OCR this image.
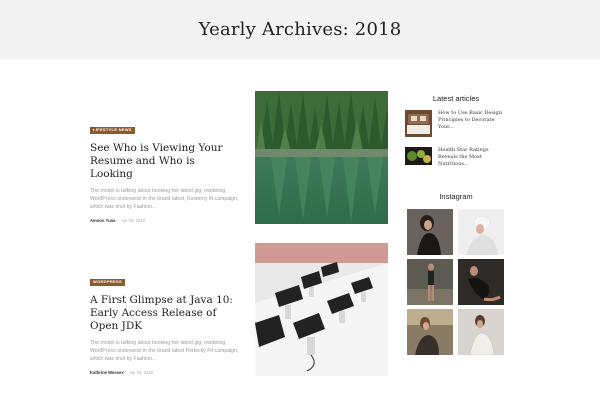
Yearly Archives: 2018
LIFESTYLE NEWS
See Who is Viewing Your Resume and Who is Looking

The model is talking about booking her latest gig, modeling WordPress underwear in the brand latest, Kosterny fit campaign, which was shot by Fashion...

Amoon Yuna - Apr 03, 2018
WORDPRESS
A First Glimpse at Java 10: Early Access Release of Open JDK

The model is talking about booking her latest gig, modeling WordPress underwear in the brand latest Perfectly Fit campaign, which was shot by Fashion...

Kathrine Wessex - Apr 03, 2018
Latest articles
How to Use Basic Design Principles to Decorate Your...
Health Star Ratings Reveals the Most Nutritious...
Instagram
